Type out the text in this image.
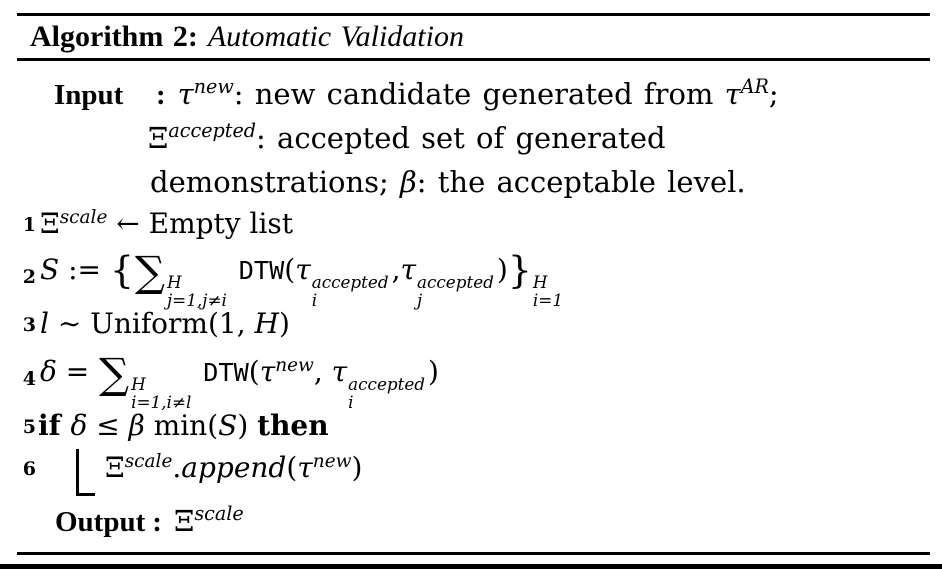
Algorithm 2: Automatic Validation
Input : $\tau^{new}$: new candidate generated from $\tau^{AR}$;
$\Xi^{accepted}$: accepted set of generated
demonstrations; β: the acceptable level.
1 $\Xi^{scale}$ ← Empty list
2 S := {∑ H
j=1,j≠i
DTW(τ accepted
i
,τ accepted
j
)} H
i=1
3 l ∼ Uniform(1, H)
4 δ = ∑ H
i=1,i≠l
$DTW(\tau^{new}$, τ accepted
i
)
5 if δ ≤ β min(S) then
6 $\Xi^{scale}.append(\tau^{new})$
Output : $\Xi^{scale}$
